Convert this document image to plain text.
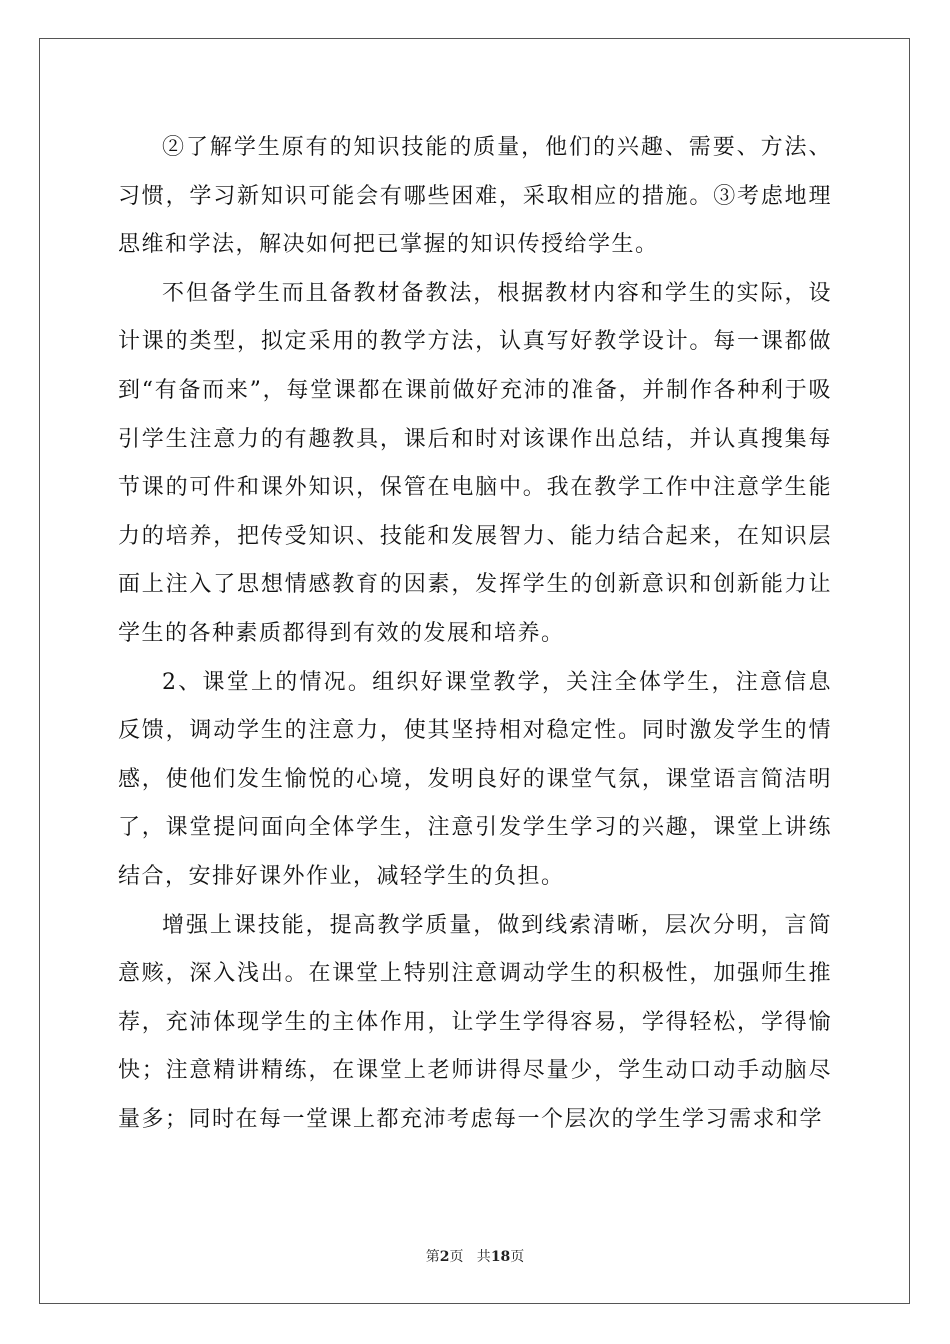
②了解学生原有的知识技能的质量，他们的兴趣、需要、方法、习惯，学习新知识可能会有哪些困难，采取相应的措施。③考虑地理思维和学法，解决如何把已掌握的知识传授给学生。

不但备学生而且备教材备教法，根据教材内容和学生的实际，设计课的类型，拟定采用的教学方法，认真写好教学设计。每一课都做到“有备而来”，每堂课都在课前做好充沛的准备，并制作各种利于吸引学生注意力的有趣教具，课后和时对该课作出总结，并认真搜集每节课的可件和课外知识，保管在电脑中。我在教学工作中注意学生能力的培养，把传受知识、技能和发展智力、能力结合起来，在知识层面上注入了思想情感教育的因素，发挥学生的创新意识和创新能力让学生的各种素质都得到有效的发展和培养。

2、课堂上的情况。组织好课堂教学，关注全体学生，注意信息反馈，调动学生的注意力，使其坚持相对稳定性。同时激发学生的情感，使他们发生愉悦的心境，发明良好的课堂气氛，课堂语言简洁明了，课堂提问面向全体学生，注意引发学生学习的兴趣，课堂上讲练结合，安排好课外作业，减轻学生的负担。

增强上课技能，提高教学质量，做到线索清晰，层次分明，言简意赅，深入浅出。在课堂上特别注意调动学生的积极性，加强师生推荐，充沛体现学生的主体作用，让学生学得容易，学得轻松，学得愉快；注意精讲精练，在课堂上老师讲得尽量少，学生动口动手动脑尽量多；同时在每一堂课上都充沛考虑每一个层次的学生学习需求和学

第2页   共18页
